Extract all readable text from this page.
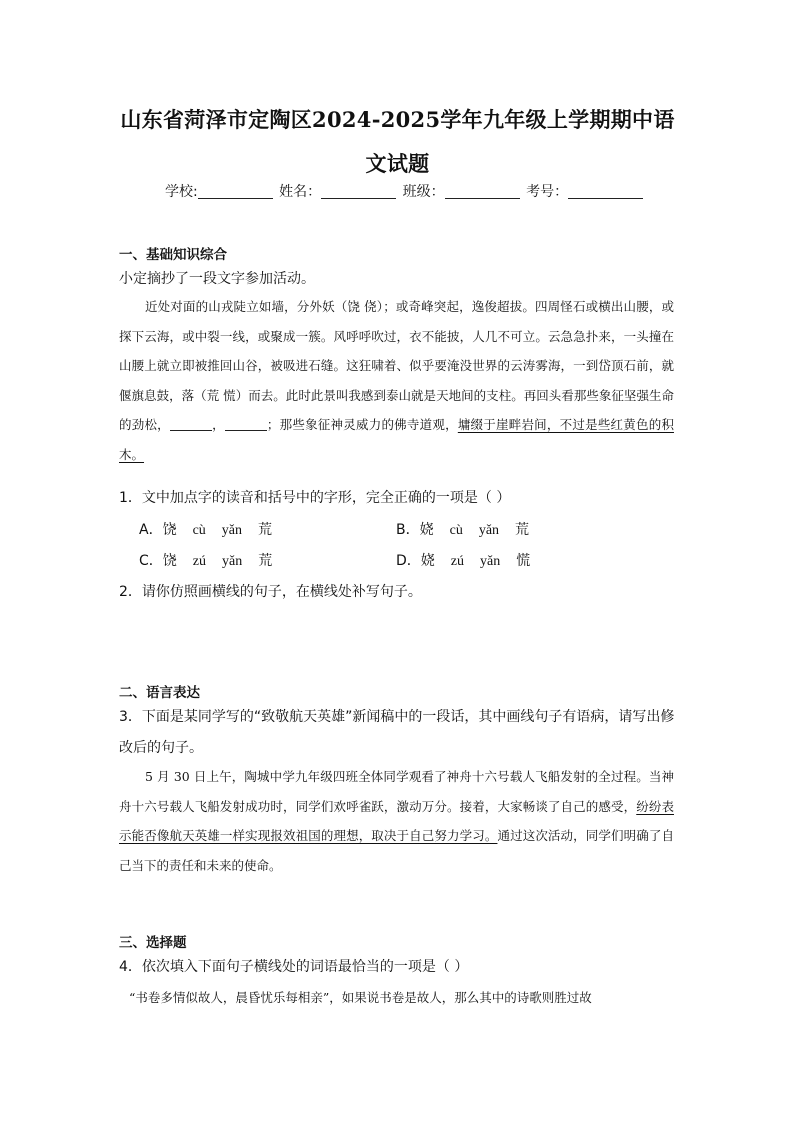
山东省菏泽市定陶区2024-2025学年九年级上学期期中语文试题
学校:	姓名：	班级：	考号：
一、基础知识综合
小定摘抄了一段文字参加活动。

近处对面的山戎陡立如墙，分外妖（饶 侥）；或奇峰突起，逸俊超拔。四周怪石或横出山腰，或探下云海，或中裂一线，或聚成一簇。风呼呼吹过，衣不能披，人几不可立。云急急扑来，一头撞在山腰上就立即被推回山谷，被吸进石缝。这狂啸着、似乎要淹没世界的云涛雾海，一到岱顶石前，就偃旗息鼓，落（荒 慌）而去。此时此景叫我感到泰山就是天地间的支柱。再回头看那些象征坚强生命的劲松，	，	；那些象征神灵威力的佛寺道观，墉缀于崖畔岩间，不过是些红黄色的积木。

1．文中加点字的读音和括号中的字形，完全正确的一项是（ ）
A．饶 cù yǎn 荒	B．娆 cù yǎn 荒
C．饶 zú yǎn 荒	D．娆 zú yǎn 慌
2．请你仿照画横线的句子，在横线处补写句子。
二、语言表达
3．下面是某同学写的“致敬航天英雄”新闻稿中的一段话，其中画线句子有语病，请写出修
改后的句子。

5 月 30 日上午，陶城中学九年级四班全体同学观看了神舟十六号载人飞船发射的全过程。当神舟十六号载人飞船发射成功时，同学们欢呼雀跃，激动万分。接着，大家畅谈了自己的感受，纷纷表示能否像航天英雄一样实现报效祖国的理想，取决于自己努力学习。通过这次活动，同学们明确了自己当下的责任和未来的使命。

三、选择题
4．依次填入下面句子横线处的词语最恰当的一项是（ ）

“书卷多情似故人，晨昏忧乐每相亲”，如果说书卷是故人，那么其中的诗歌则胜过故
